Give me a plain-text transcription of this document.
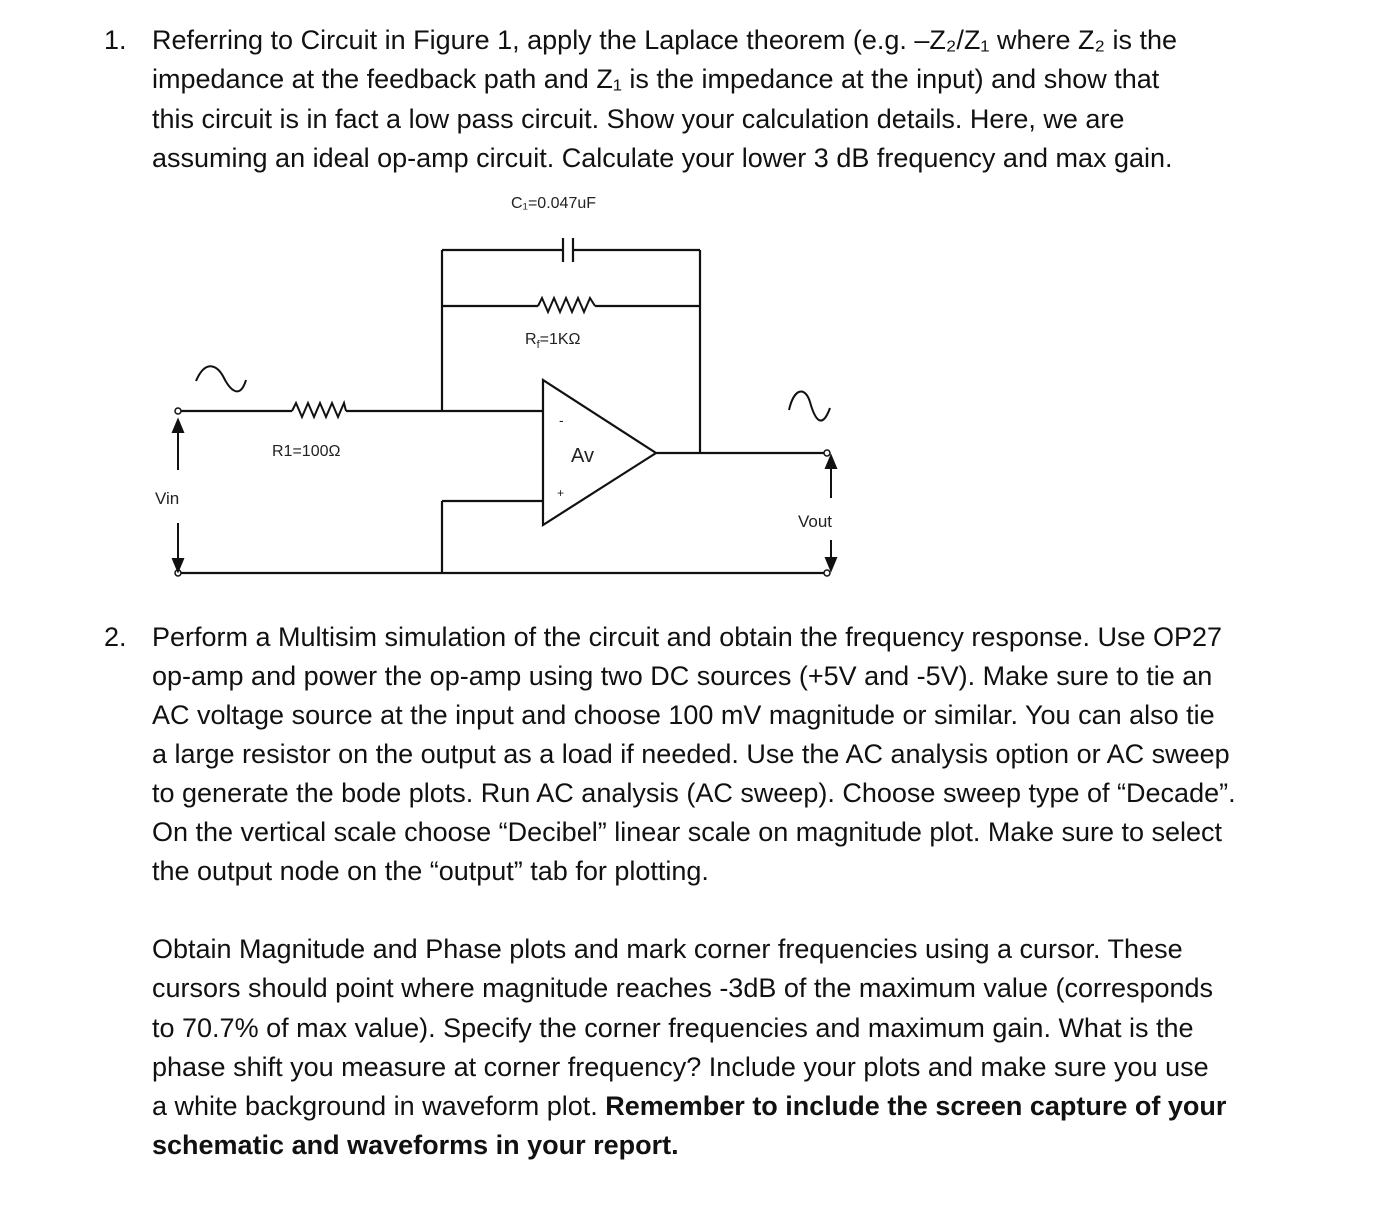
1. Referring to Circuit in Figure 1, apply the Laplace theorem (e.g. –Z₂/Z₁ where Z₂ is the
impedance at the feedback path and Z₁ is the impedance at the input) and show that
this circuit is in fact a low pass circuit. Show your calculation details. Here, we are
assuming an ideal op-amp circuit. Calculate your lower 3 dB frequency and max gain.
C₁=0.047uF
$R_f=1K\Omega$
R1=100Ω	Av
-
+
Vin
Vout
Rⁱ=1KΩ
2. Perform a Multisim simulation of the circuit and obtain the frequency response. Use OP27
op-amp and power the op-amp using two DC sources (+5V and -5V). Make sure to tie an
AC voltage source at the input and choose 100 mV magnitude or similar. You can also tie
a large resistor on the output as a load if needed. Use the AC analysis option or AC sweep
to generate the bode plots. Run AC analysis (AC sweep). Choose sweep type of “Decade”.
On the vertical scale choose “Decibel” linear scale on magnitude plot. Make sure to select
the output node on the “output” tab for plotting.
Obtain Magnitude and Phase plots and mark corner frequencies using a cursor. These
cursors should point where magnitude reaches -3dB of the maximum value (corresponds
to 70.7% of max value). Specify the corner frequencies and maximum gain. What is the
phase shift you measure at corner frequency? Include your plots and make sure you use
a white background in waveform plot. Remember to include the screen capture of your
schematic and waveforms in your report.
